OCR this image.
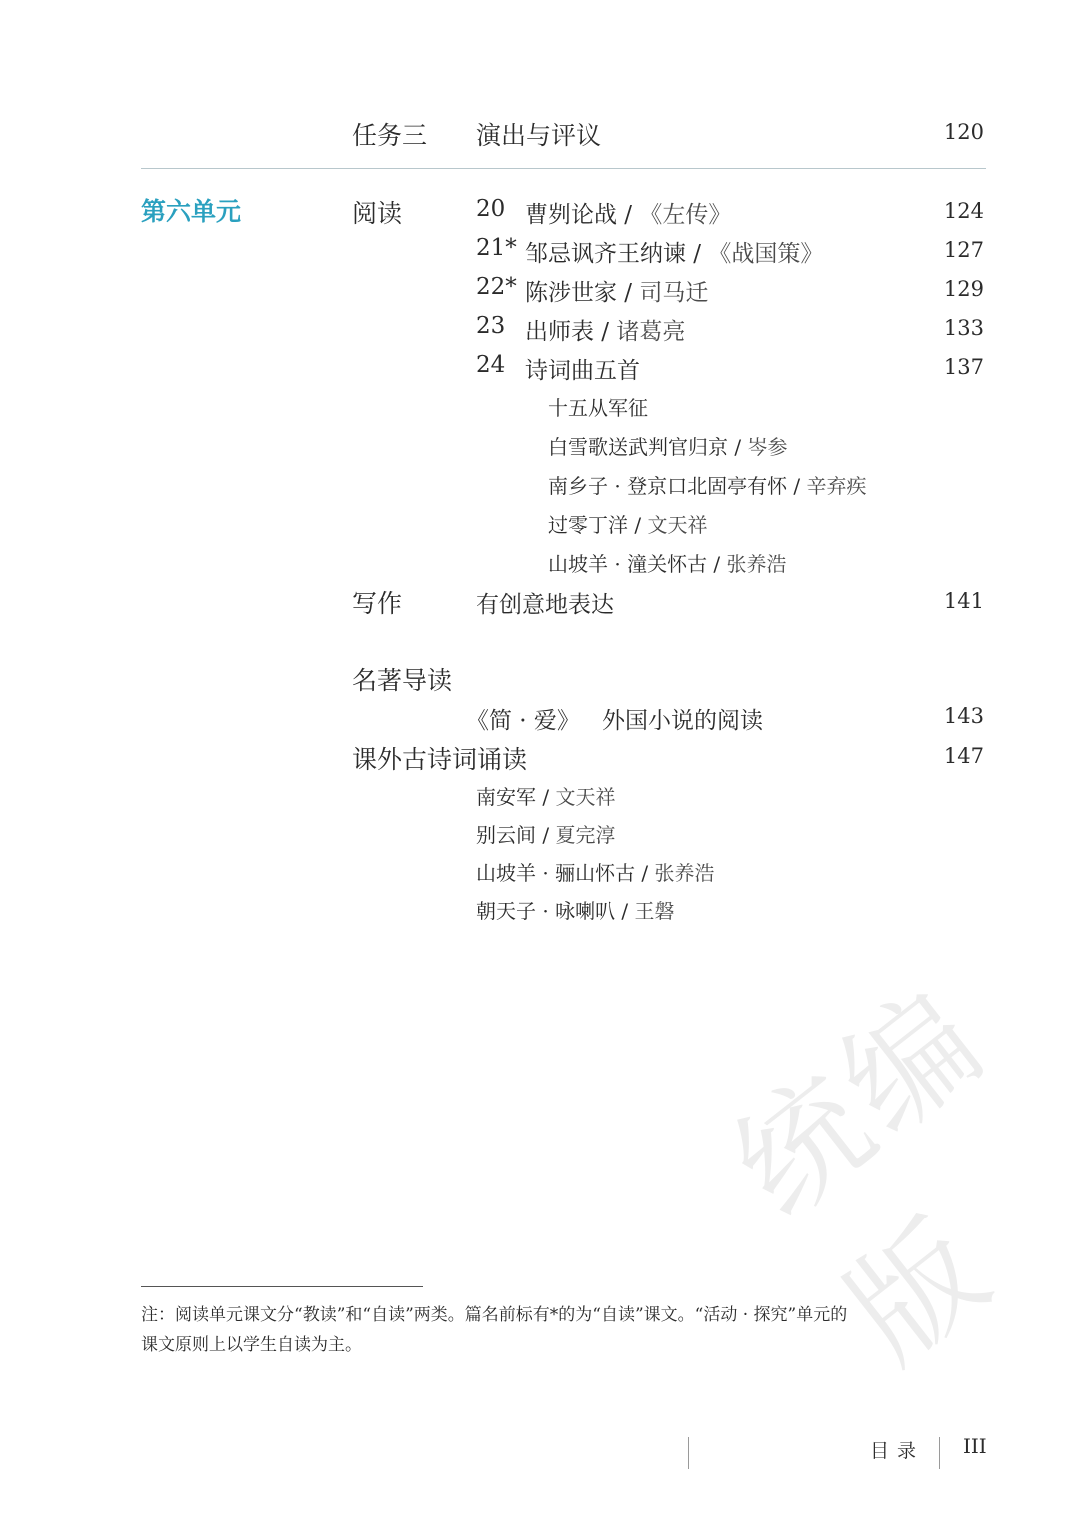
统编版
任务三 演出与评议	120
第六单元	阅读	20 曹刿论战 / 《左传》	124
21* 邹忌讽齐王纳谏 / 《战国策》	127
22* 陈涉世家 / 司马迁	129
23 出师表 / 诸葛亮	133
24 诗词曲五首	137
十五从军征
白雪歌送武判官归京 / 岑参
南乡子 · 登京口北固亭有怀 / 辛弃疾
过零丁洋 / 文天祥
山坡羊 · 潼关怀古 / 张养浩
写作	有创意地表达	141
名著导读
《简 · 爱》 外国小说的阅读	143
课外古诗词诵读	147
南安军 / 文天祥
别云间 / 夏完淳
山坡羊 · 骊山怀古 / 张养浩
朝天子 · 咏喇叭 / 王磐
注：阅读单元课文分“教读”和“自读”两类。篇名前标有*的为“自读”课文。“活动 · 探究”单元的
课文原则上以学生自读为主。
目录 III
